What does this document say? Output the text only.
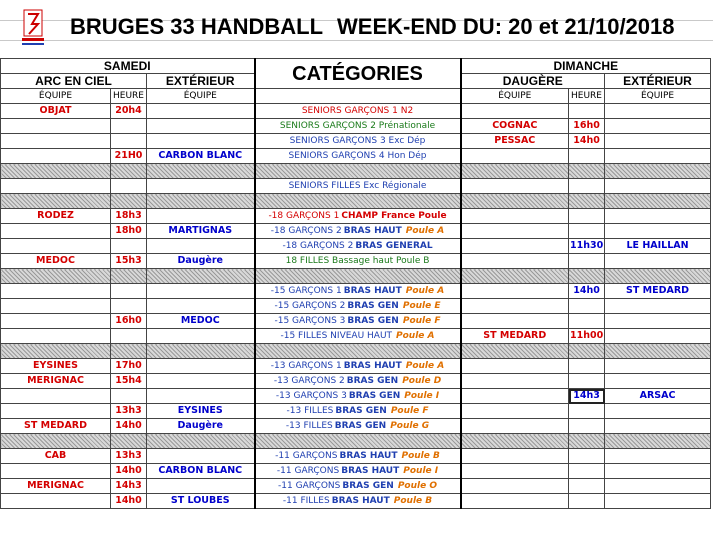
BRUGES 33 HANDBALL WEEK-END DU: 20 et 21/10/2018
SAMEDI			CATÉGORIES	DIMANCHE		
ARC EN CIEL		EXTÉRIEUR		DAUGÈRE		EXTÉRIEUR
ÉQUIPE	HEURE	ÉQUIPE		ÉQUIPE	HEURE	ÉQUIPE
OBJAT	20h4		SENIORS GARÇONS 1 N2			
			SENIORS GARÇONS 2 Prénationale	COGNAC	16h0	
			SENIORS GARÇONS 3 Exc Dép	PESSAC	14h0	
	21H0	CARBON BLANC	SENIORS GARÇONS 4 Hon Dép			

			SENIORS FILLES Exc Régionale			

RODEZ	18h3		-18 GARÇONS 1 CHAMP France Poule			
	18h0	MARTIGNAS	-18 GARÇONS 2 BRAS HAUT Poule A			
			-18 GARÇONS 2 BRAS GENERAL		11h30	LE HAILLAN
MEDOC	15h3	Daugère	18 FILLES Bassage haut Poule B			

			-15 GARÇONS 1 BRAS HAUT Poule A		14h0	ST MEDARD
			-15 GARÇONS 2 BRAS GEN Poule E			
	16h0	MEDOC	-15 GARÇONS 3 BRAS GEN Poule F			
			-15 FILLES NIVEAU HAUT Poule A	ST MEDARD	11h00	

EYSINES	17h0		-13 GARÇONS 1 BRAS HAUT Poule A			
MERIGNAC	15h4		-13 GARÇONS 2 BRAS GEN Poule D			
			-13 GARÇONS 3 BRAS GEN Poule I		14h3	ARSAC
	13h3	EYSINES	-13 FILLES BRAS GEN Poule F			
ST MEDARD	14h0	Daugère	-13 FILLES BRAS GEN Poule G			

CAB	13h3		-11 GARÇONS BRAS HAUT Poule B			
	14h0	CARBON BLANC	-11 GARÇONS BRAS HAUT Poule I			
MERIGNAC	14h3		-11 GARÇONS BRAS GEN Poule O			
	14h0	ST LOUBES	-11 FILLES BRAS HAUT Poule B			
